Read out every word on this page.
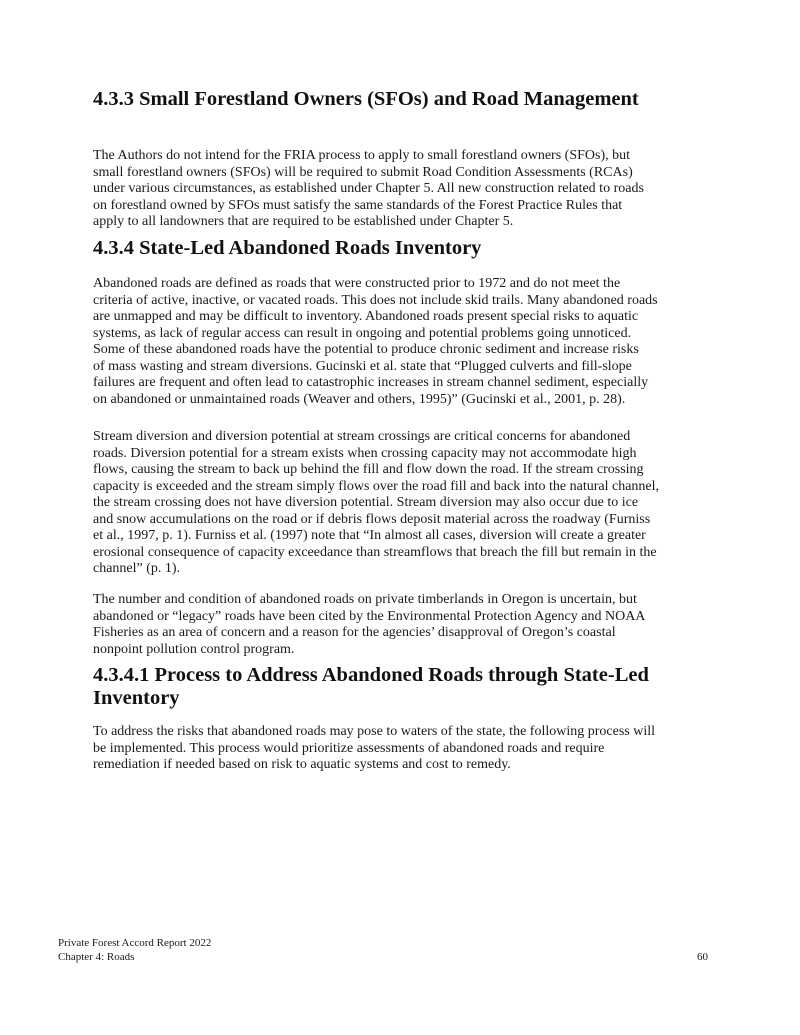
4.3.3 Small Forestland Owners (SFOs) and Road Management
The Authors do not intend for the FRIA process to apply to small forestland owners (SFOs), but
small forestland owners (SFOs) will be required to submit Road Condition Assessments (RCAs)
under various circumstances, as established under Chapter 5. All new construction related to roads
on forestland owned by SFOs must satisfy the same standards of the Forest Practice Rules that
apply to all landowners that are required to be established under Chapter 5.
4.3.4 State-Led Abandoned Roads Inventory
Abandoned roads are defined as roads that were constructed prior to 1972 and do not meet the
criteria of active, inactive, or vacated roads. This does not include skid trails. Many abandoned roads
are unmapped and may be difficult to inventory. Abandoned roads present special risks to aquatic
systems, as lack of regular access can result in ongoing and potential problems going unnoticed.
Some of these abandoned roads have the potential to produce chronic sediment and increase risks
of mass wasting and stream diversions. Gucinski et al. state that “Plugged culverts and fill-slope
failures are frequent and often lead to catastrophic increases in stream channel sediment, especially
on abandoned or unmaintained roads (Weaver and others, 1995)” (Gucinski et al., 2001, p. 28).
Stream diversion and diversion potential at stream crossings are critical concerns for abandoned
roads. Diversion potential for a stream exists when crossing capacity may not accommodate high
flows, causing the stream to back up behind the fill and flow down the road. If the stream crossing
capacity is exceeded and the stream simply flows over the road fill and back into the natural channel,
the stream crossing does not have diversion potential. Stream diversion may also occur due to ice
and snow accumulations on the road or if debris flows deposit material across the roadway (Furniss
et al., 1997, p. 1). Furniss et al. (1997) note that “In almost all cases, diversion will create a greater
erosional consequence of capacity exceedance than streamflows that breach the fill but remain in the
channel” (p. 1).
The number and condition of abandoned roads on private timberlands in Oregon is uncertain, but
abandoned or “legacy” roads have been cited by the Environmental Protection Agency and NOAA
Fisheries as an area of concern and a reason for the agencies’ disapproval of Oregon’s coastal
nonpoint pollution control program.
4.3.4.1 Process to Address Abandoned Roads through State-Led
Inventory
To address the risks that abandoned roads may pose to waters of the state, the following process will
be implemented. This process would prioritize assessments of abandoned roads and require
remediation if needed based on risk to aquatic systems and cost to remedy.
Private Forest Accord Report 2022
Chapter 4: Roads	60
